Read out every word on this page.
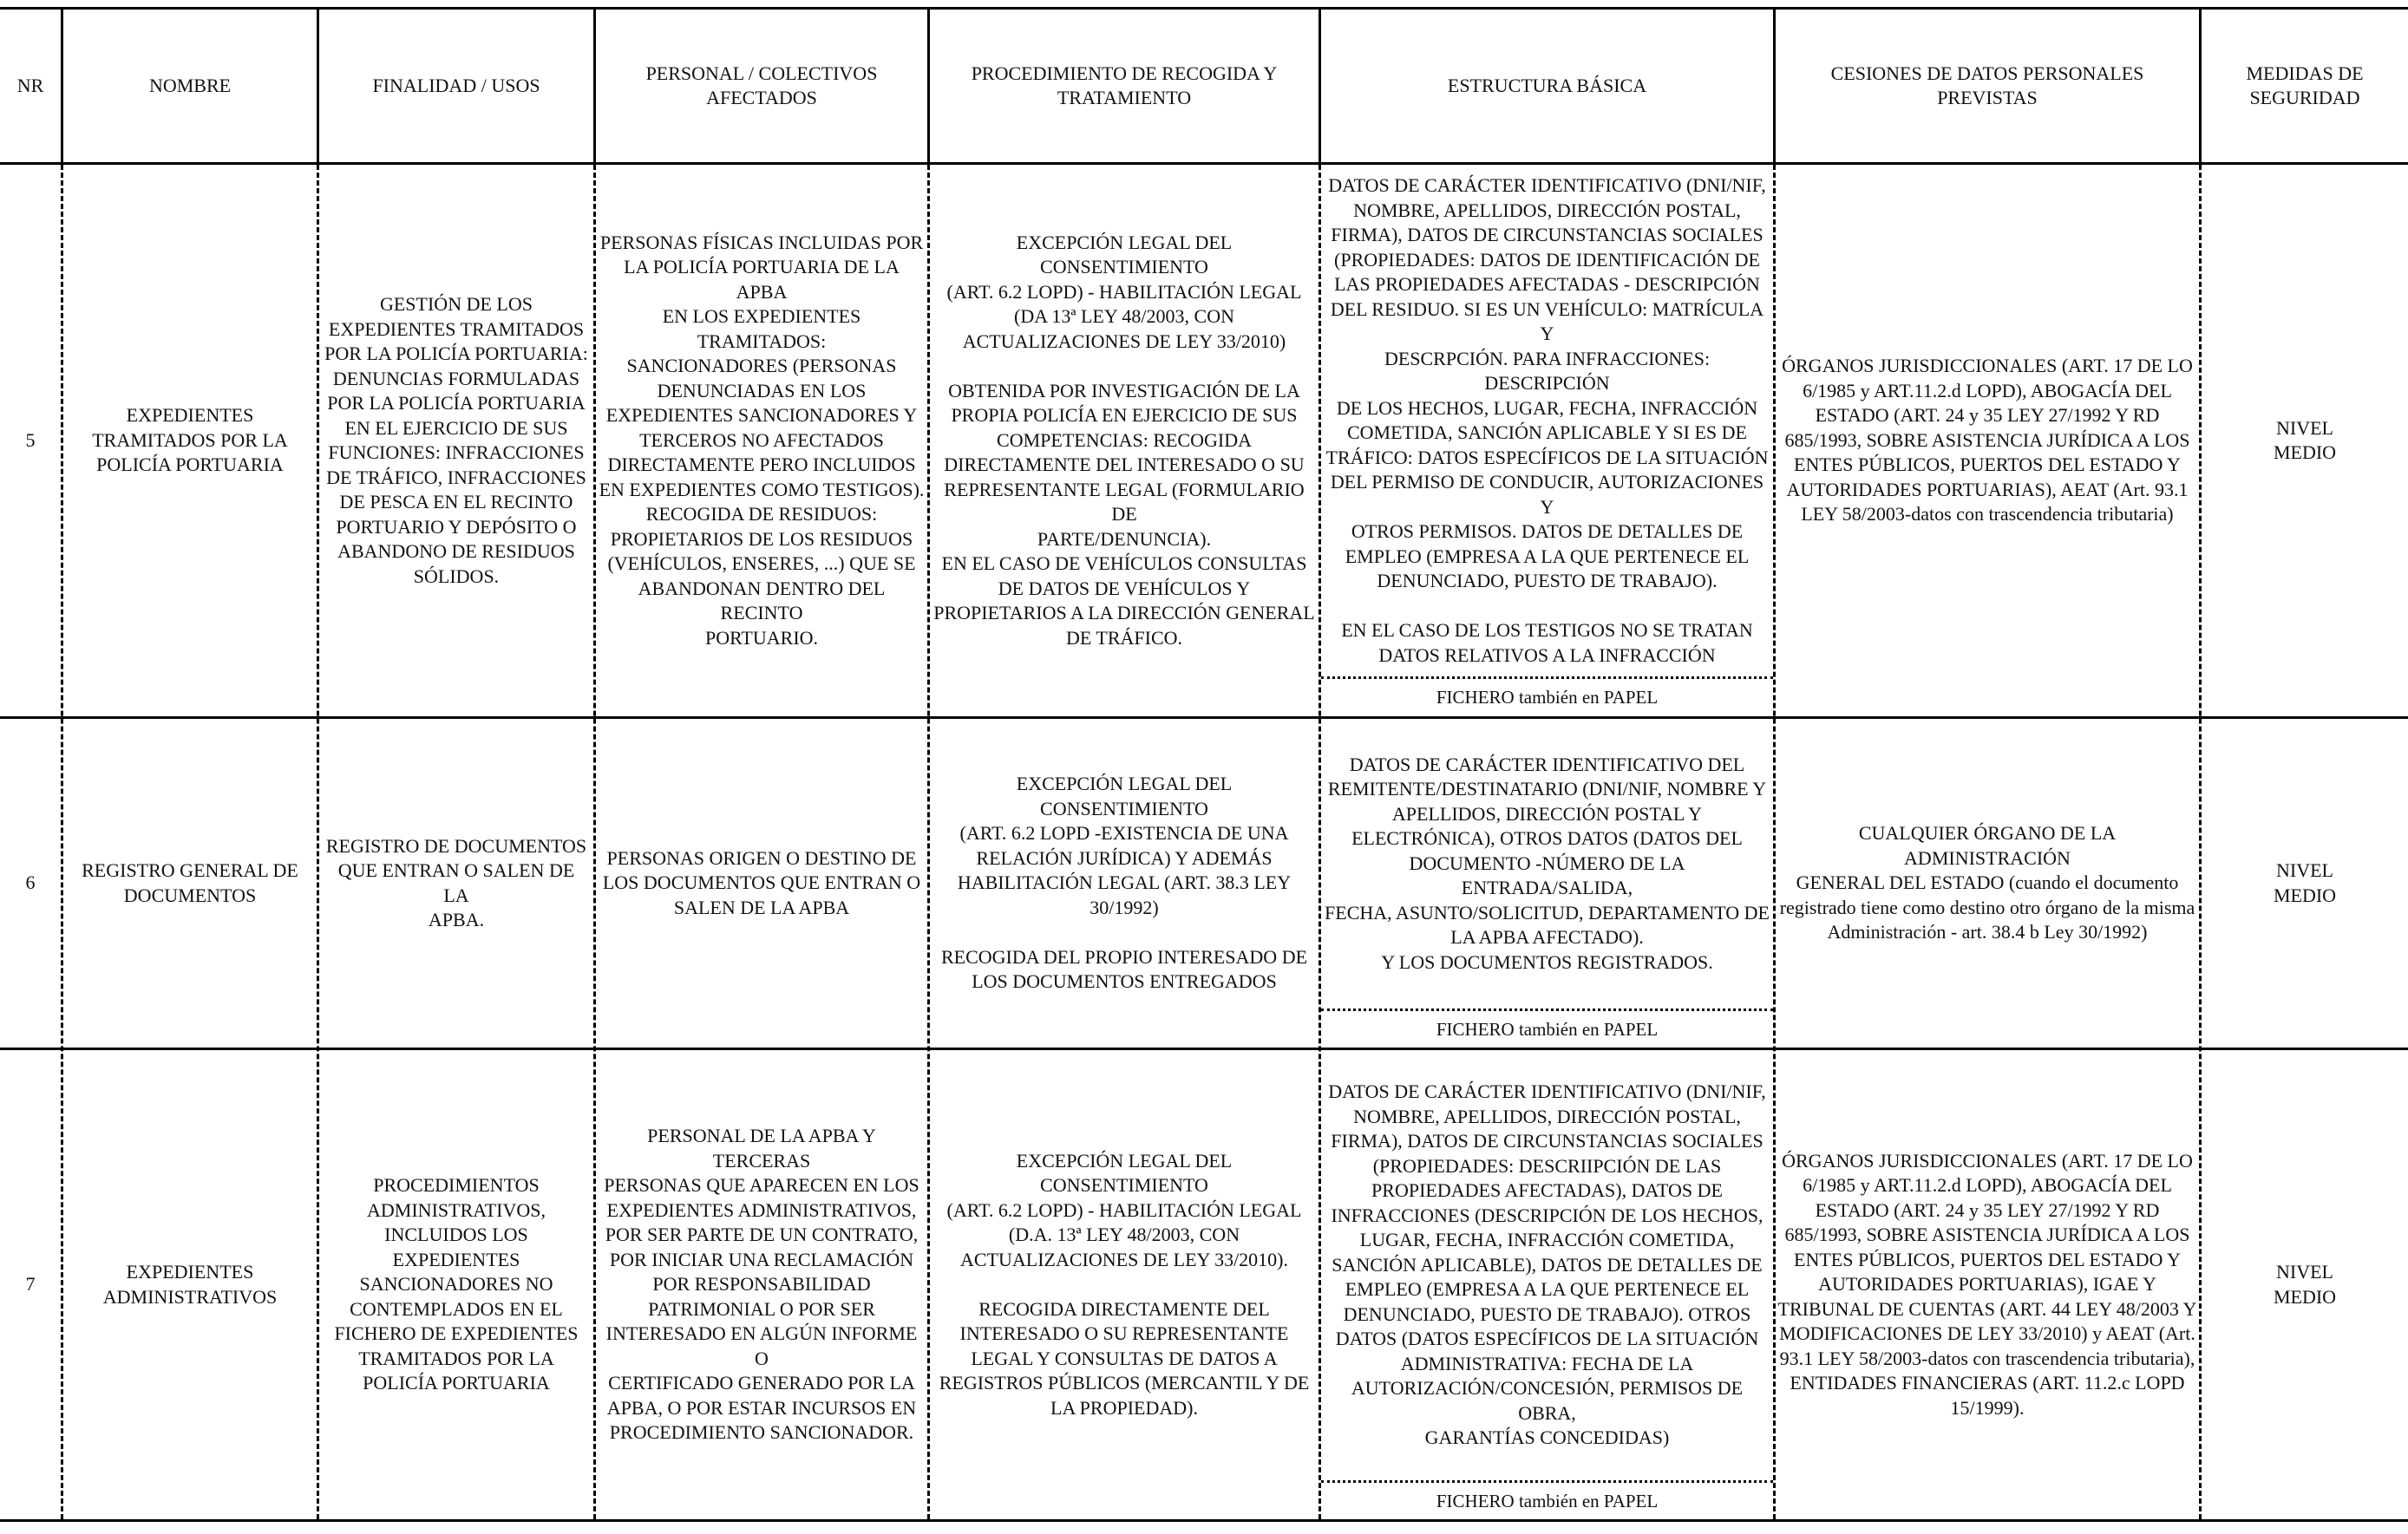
NR	NOMBRE	FINALIDAD / USOS
PERSONAL / COLECTIVOS
AFECTADOS
PROCEDIMIENTO DE RECOGIDA Y
TRATAMIENTO
ESTRUCTURA BÁSICA
CESIONES DE DATOS PERSONALES PREVISTAS
MEDIDAS DE
SEGURIDAD
5
EXPEDIENTES
TRAMITADOS POR LA
POLICÍA PORTUARIA
GESTIÓN DE LOS
EXPEDIENTES TRAMITADOS
POR LA POLICÍA PORTUARIA:
DENUNCIAS FORMULADAS
POR LA POLICÍA PORTUARIA
EN EL EJERCICIO DE SUS
FUNCIONES: INFRACCIONES
DE TRÁFICO, INFRACCIONES
DE PESCA EN EL RECINTO
PORTUARIO Y DEPÓSITO O
ABANDONO DE RESIDUOS
SÓLIDOS.
PERSONAS FÍSICAS INCLUIDAS POR
LA POLICÍA PORTUARIA DE LA APBA
EN LOS EXPEDIENTES TRAMITADOS:
SANCIONADORES (PERSONAS
DENUNCIADAS EN LOS
EXPEDIENTES SANCIONADORES Y
TERCEROS NO AFECTADOS
DIRECTAMENTE PERO INCLUIDOS
EN EXPEDIENTES COMO TESTIGOS).
RECOGIDA DE RESIDUOS:
PROPIETARIOS DE LOS RESIDUOS
(VEHÍCULOS, ENSERES, ...) QUE SE
ABANDONAN DENTRO DEL RECINTO
PORTUARIO.
EXCEPCIÓN LEGAL DEL CONSENTIMIENTO
(ART. 6.2 LOPD) - HABILITACIÓN LEGAL
(DA 13ª LEY 48/2003, CON
ACTUALIZACIONES DE LEY 33/2010)

OBTENIDA POR INVESTIGACIÓN DE LA
PROPIA POLICÍA EN EJERCICIO DE SUS
COMPETENCIAS: RECOGIDA
DIRECTAMENTE DEL INTERESADO O SU
REPRESENTANTE LEGAL (FORMULARIO DE
PARTE/DENUNCIA).
EN EL CASO DE VEHÍCULOS CONSULTAS
DE DATOS DE VEHÍCULOS Y
PROPIETARIOS A LA DIRECCIÓN GENERAL
DE TRÁFICO.
DATOS DE CARÁCTER IDENTIFICATIVO (DNI/NIF,
NOMBRE, APELLIDOS, DIRECCIÓN POSTAL,
FIRMA), DATOS DE CIRCUNSTANCIAS SOCIALES
(PROPIEDADES: DATOS DE IDENTIFICACIÓN DE
LAS PROPIEDADES AFECTADAS - DESCRIPCIÓN
DEL RESIDUO. SI ES UN VEHÍCULO: MATRÍCULA Y
DESCRPCIÓN. PARA INFRACCIONES: DESCRIPCIÓN
DE LOS HECHOS, LUGAR, FECHA, INFRACCIÓN
COMETIDA, SANCIÓN APLICABLE Y SI ES DE
TRÁFICO: DATOS ESPECÍFICOS DE LA SITUACIÓN
DEL PERMISO DE CONDUCIR, AUTORIZACIONES Y
OTROS PERMISOS. DATOS DE DETALLES DE
EMPLEO (EMPRESA A LA QUE PERTENECE EL
DENUNCIADO, PUESTO DE TRABAJO).

EN EL CASO DE LOS TESTIGOS NO SE TRATAN
DATOS RELATIVOS A LA INFRACCIÓN
FICHERO también en PAPEL
ÓRGANOS JURISDICCIONALES (ART. 17 DE LO
6/1985 y ART.11.2.d LOPD), ABOGACÍA DEL
ESTADO (ART. 24 y 35 LEY 27/1992 Y RD
685/1993, SOBRE ASISTENCIA JURÍDICA A LOS
ENTES PÚBLICOS, PUERTOS DEL ESTADO Y
AUTORIDADES PORTUARIAS), AEAT (Art. 93.1
LEY 58/2003-datos con trascendencia tributaria)
NIVEL
MEDIO
6
REGISTRO GENERAL DE
DOCUMENTOS
REGISTRO DE DOCUMENTOS
QUE ENTRAN O SALEN DE LA
APBA.
PERSONAS ORIGEN O DESTINO DE
LOS DOCUMENTOS QUE ENTRAN O
SALEN DE LA APBA
EXCEPCIÓN LEGAL DEL CONSENTIMIENTO
(ART. 6.2 LOPD -EXISTENCIA DE UNA
RELACIÓN JURÍDICA) Y ADEMÁS
HABILITACIÓN LEGAL (ART. 38.3 LEY
30/1992)

RECOGIDA DEL PROPIO INTERESADO DE
LOS DOCUMENTOS ENTREGADOS
DATOS DE CARÁCTER IDENTIFICATIVO DEL
REMITENTE/DESTINATARIO (DNI/NIF, NOMBRE Y
APELLIDOS, DIRECCIÓN POSTAL Y
ELECTRÓNICA), OTROS DATOS (DATOS DEL
DOCUMENTO -NÚMERO DE LA ENTRADA/SALIDA,
FECHA, ASUNTO/SOLICITUD, DEPARTAMENTO DE
LA APBA AFECTADO).
Y LOS DOCUMENTOS REGISTRADOS.
FICHERO también en PAPEL
CUALQUIER ÓRGANO DE LA ADMINISTRACIÓN
GENERAL DEL ESTADO (cuando el documento
registrado tiene como destino otro órgano de la misma
Administración - art. 38.4 b Ley 30/1992)
NIVEL
MEDIO
7
EXPEDIENTES
ADMINISTRATIVOS
PROCEDIMIENTOS
ADMINISTRATIVOS,
INCLUIDOS LOS
EXPEDIENTES
SANCIONADORES NO
CONTEMPLADOS EN EL
FICHERO DE EXPEDIENTES
TRAMITADOS POR LA
POLICÍA PORTUARIA
PERSONAL DE LA APBA Y TERCERAS
PERSONAS QUE APARECEN EN LOS
EXPEDIENTES ADMINISTRATIVOS,
POR SER PARTE DE UN CONTRATO,
POR INICIAR UNA RECLAMACIÓN
POR RESPONSABILIDAD
PATRIMONIAL O POR SER
INTERESADO EN ALGÚN INFORME O
CERTIFICADO GENERADO POR LA
APBA, O POR ESTAR INCURSOS EN
PROCEDIMIENTO SANCIONADOR.
EXCEPCIÓN LEGAL DEL CONSENTIMIENTO
(ART. 6.2 LOPD) - HABILITACIÓN LEGAL
(D.A. 13ª LEY 48/2003, CON
ACTUALIZACIONES DE LEY 33/2010).

RECOGIDA DIRECTAMENTE DEL
INTERESADO O SU REPRESENTANTE
LEGAL Y CONSULTAS DE DATOS A
REGISTROS PÚBLICOS (MERCANTIL Y DE
LA PROPIEDAD).
DATOS DE CARÁCTER IDENTIFICATIVO (DNI/NIF,
NOMBRE, APELLIDOS, DIRECCIÓN POSTAL,
FIRMA), DATOS DE CIRCUNSTANCIAS SOCIALES
(PROPIEDADES: DESCRIIPCIÓN DE LAS
PROPIEDADES AFECTADAS), DATOS DE
INFRACCIONES (DESCRIPCIÓN DE LOS HECHOS,
LUGAR, FECHA, INFRACCIÓN COMETIDA,
SANCIÓN APLICABLE), DATOS DE DETALLES DE
EMPLEO (EMPRESA A LA QUE PERTENECE EL
DENUNCIADO, PUESTO DE TRABAJO). OTROS
DATOS (DATOS ESPECÍFICOS DE LA SITUACIÓN
ADMINISTRATIVA: FECHA DE LA
AUTORIZACIÓN/CONCESIÓN, PERMISOS DE OBRA,
GARANTÍAS CONCEDIDAS)
FICHERO también en PAPEL
ÓRGANOS JURISDICCIONALES (ART. 17 DE LO
6/1985 y ART.11.2.d LOPD), ABOGACÍA DEL
ESTADO (ART. 24 y 35 LEY 27/1992 Y RD
685/1993, SOBRE ASISTENCIA JURÍDICA A LOS
ENTES PÚBLICOS, PUERTOS DEL ESTADO Y
AUTORIDADES PORTUARIAS), IGAE Y
TRIBUNAL DE CUENTAS (ART. 44 LEY 48/2003 Y
MODIFICACIONES DE LEY 33/2010) y AEAT (Art.
93.1 LEY 58/2003-datos con trascendencia tributaria),
ENTIDADES FINANCIERAS (ART. 11.2.c LOPD
15/1999).
NIVEL
MEDIO
